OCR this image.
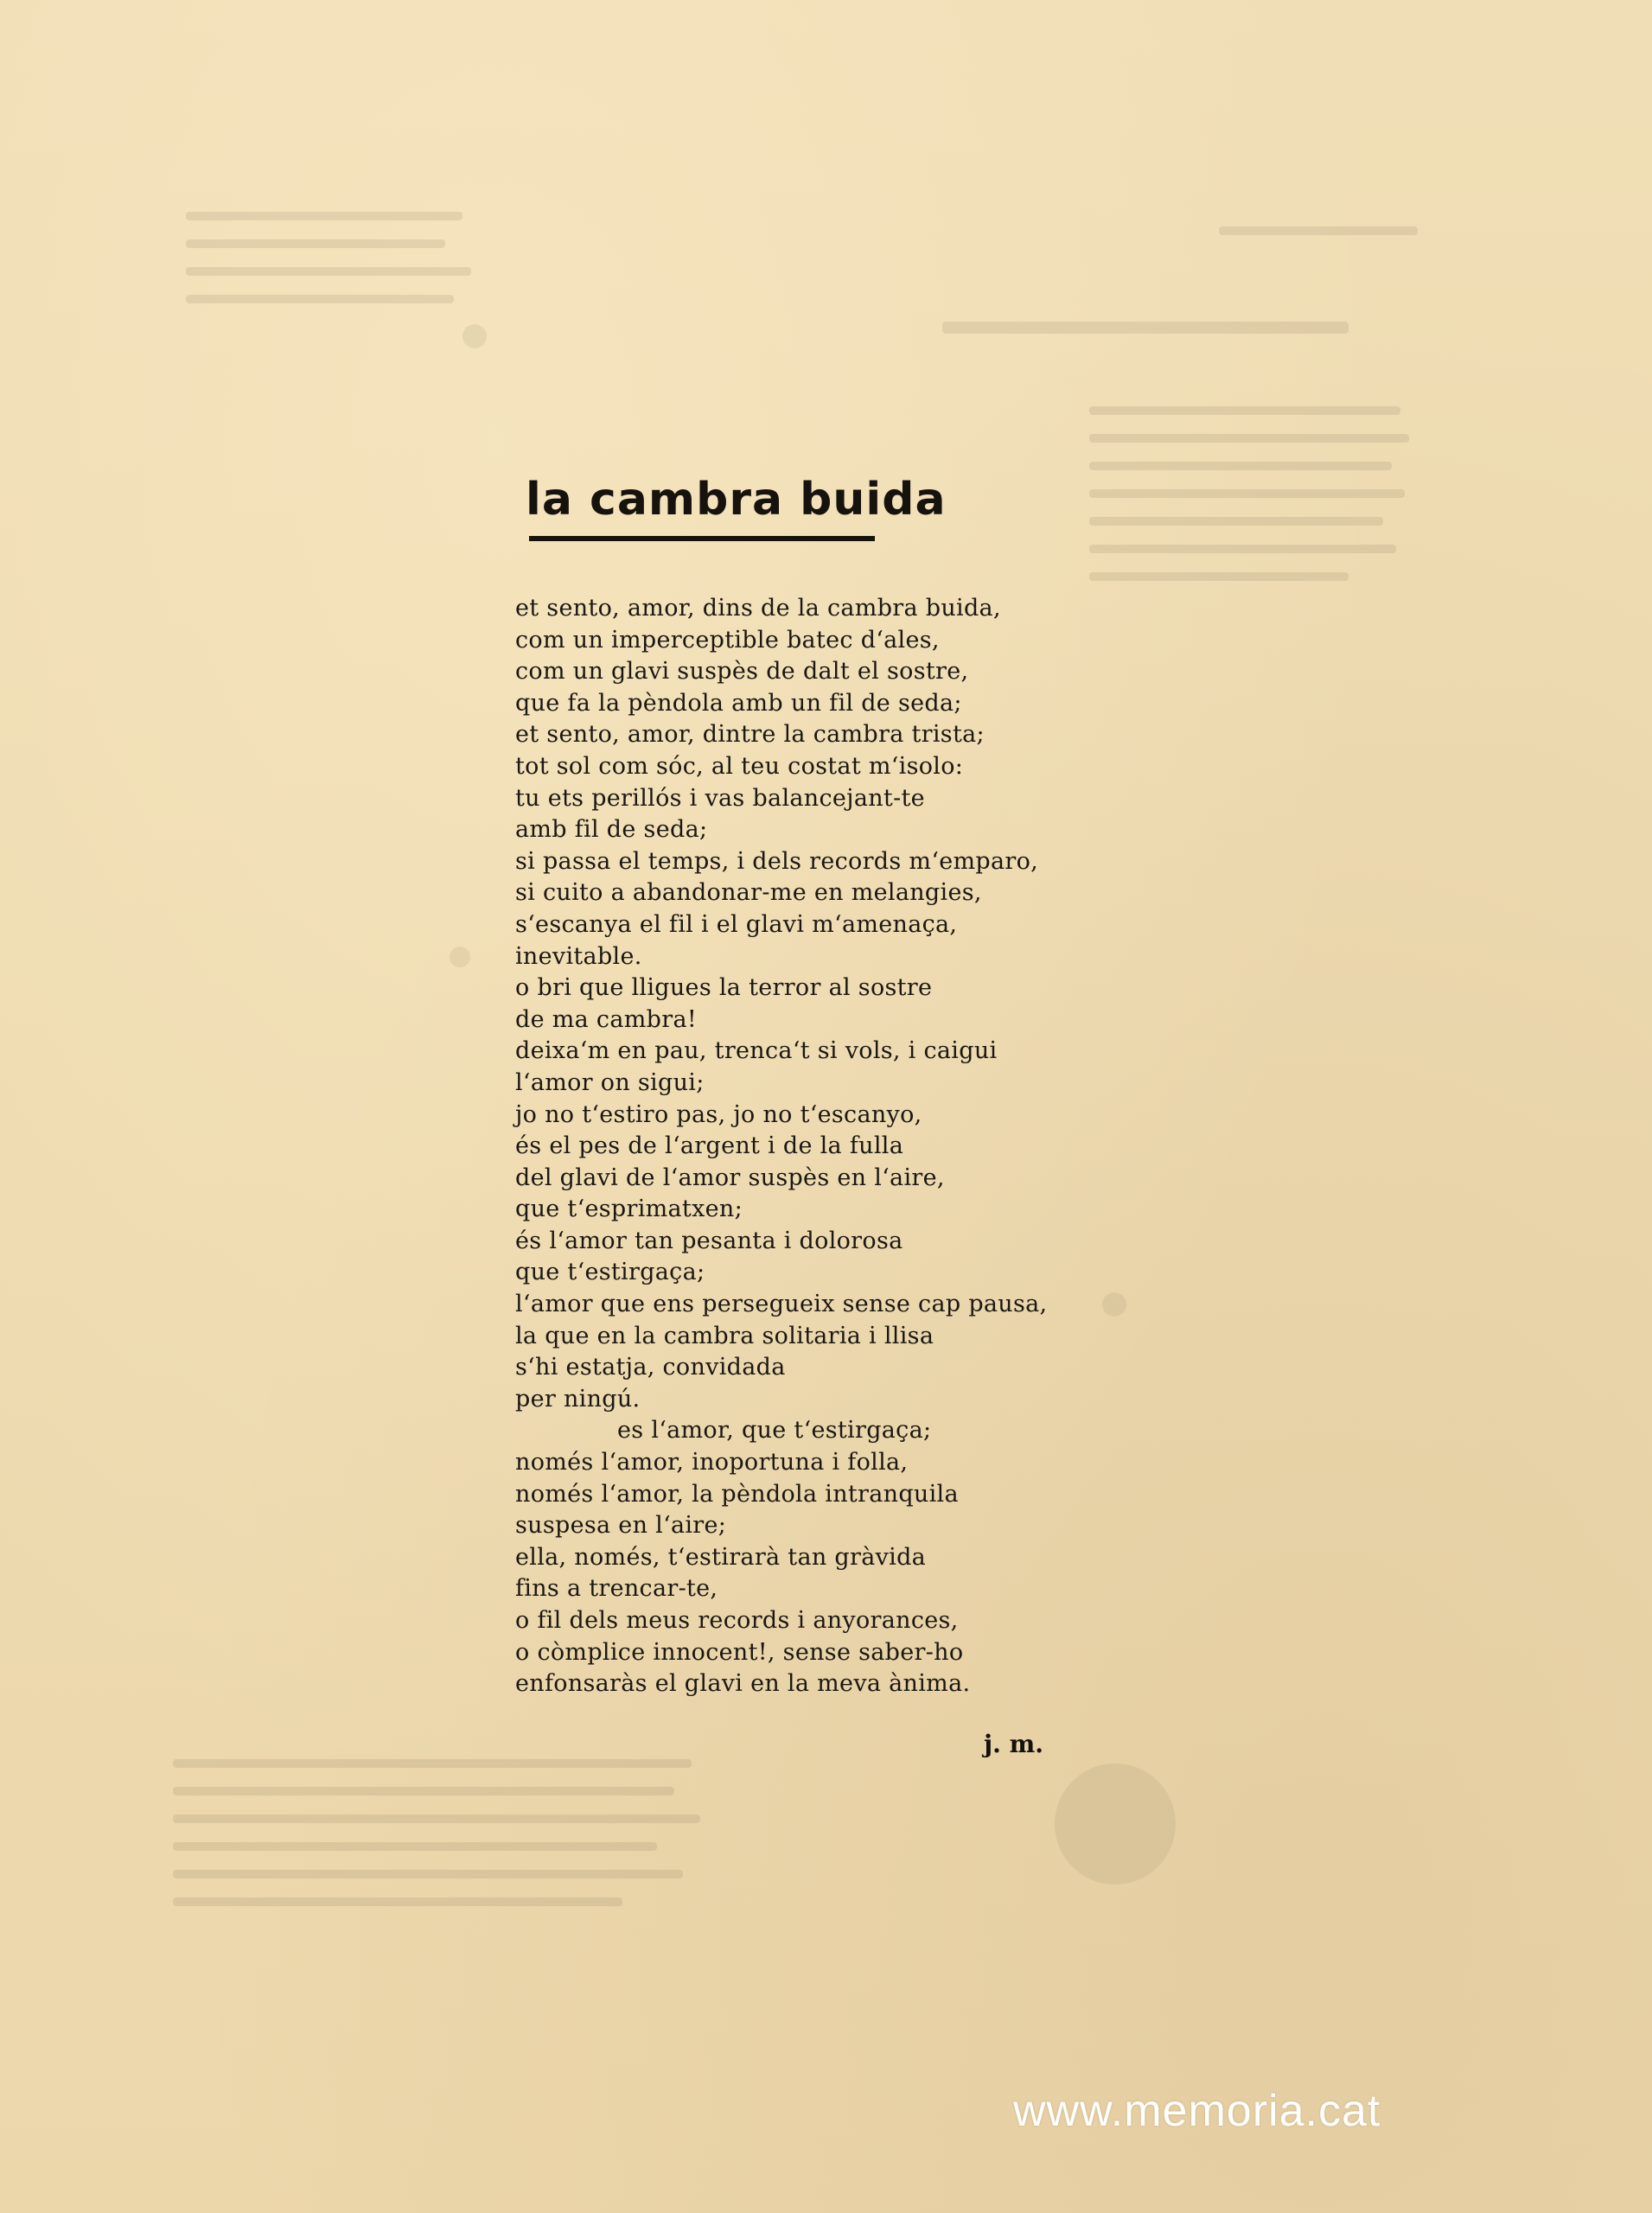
la cambra buida
et sento, amor, dins de la cambra buida,
com un imperceptible batec d‘ales,
com un glavi suspès de dalt el sostre,
que fa la pèndola amb un fil de seda;
et sento, amor, dintre la cambra trista;
tot sol com sóc, al teu costat m‘isolo:
tu ets perillós i vas balancejant-te
amb fil de seda;
si passa el temps, i dels records m‘emparo,
si cuito a abandonar-me en melangies,
s‘escanya el fil i el glavi m‘amenaça,
inevitable.
o bri que lligues la terror al sostre
de ma cambra!
deixa‘m en pau, trenca‘t si vols, i caigui
l‘amor on sigui;
jo no t‘estiro pas, jo no t‘escanyo,
és el pes de l‘argent i de la fulla
del glavi de l‘amor suspès en l‘aire,
que t‘esprimatxen;
és l‘amor tan pesanta i dolorosa
que t‘estirgaça;
l‘amor que ens persegueix sense cap pausa,
la que en la cambra solitaria i llisa
s‘hi estatja, convidada
per ningú.
es l‘amor, que t‘estirgaça;
només l‘amor, inoportuna i folla,
només l‘amor, la pèndola intranquila
suspesa en l‘aire;
ella, només, t‘estirarà tan gràvida
fins a trencar-te,
o fil dels meus records i anyorances,
o còmplice innocent!, sense saber-ho
enfonsaràs el glavi en la meva ànima.
j. m.
www.memoria.cat
